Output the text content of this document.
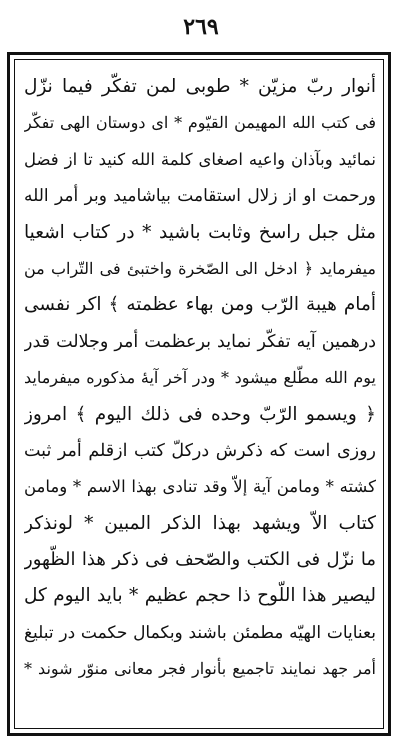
٢٦٩
أنوار ربّ مزيّن * طوبى لمن تفكّر فيما نزّل
فى كتب الله المهيمن القيّوم * اى دوستان الهى تفكّر
نمائيد وبآذان واعيه اصغاى كلمة الله كنيد تا از فضل
ورحمت او از زلال استقامت بياشاميد وبر أمر الله
مثل جبل راسخ وثابت باشيد * در كتاب اشعيا
ميفرمايد ﴿ ادخل الى الصّخرة واختبئ فى التّراب من
أمام هيبة الرّب ومن بهاء عظمته ﴾ اكر نفسى
درهمين آيه تفكّر نمايد برعظمت أمر وجلالت قدر
يوم الله مطّلع ميشود * ودر آخر آيهٔ مذكوره ميفرمايد
﴿ ويسمو الرّبّ وحده فى ذلك اليوم ﴾ امروز
روزى است كه ذكرش دركلّ كتب ازقلم أمر ثبت
كشته * ومامن آية إلاّ وقد تنادى بهذا الاسم * ومامن
كتاب الاّ ويشهد بهذا الذكر المبين * لونذكر
ما نزّل فى الكتب والصّحف فى ذكر هذا الظّهور
ليصير هذا اللّوح ذا حجم عظيم * بايد اليوم كل
بعنايات الهيّه مطمئن باشند وبكمال حكمت در تبليغ
أمر جهد نمايند تاجميع بأنوار فجر معانى منوّر شوند *
